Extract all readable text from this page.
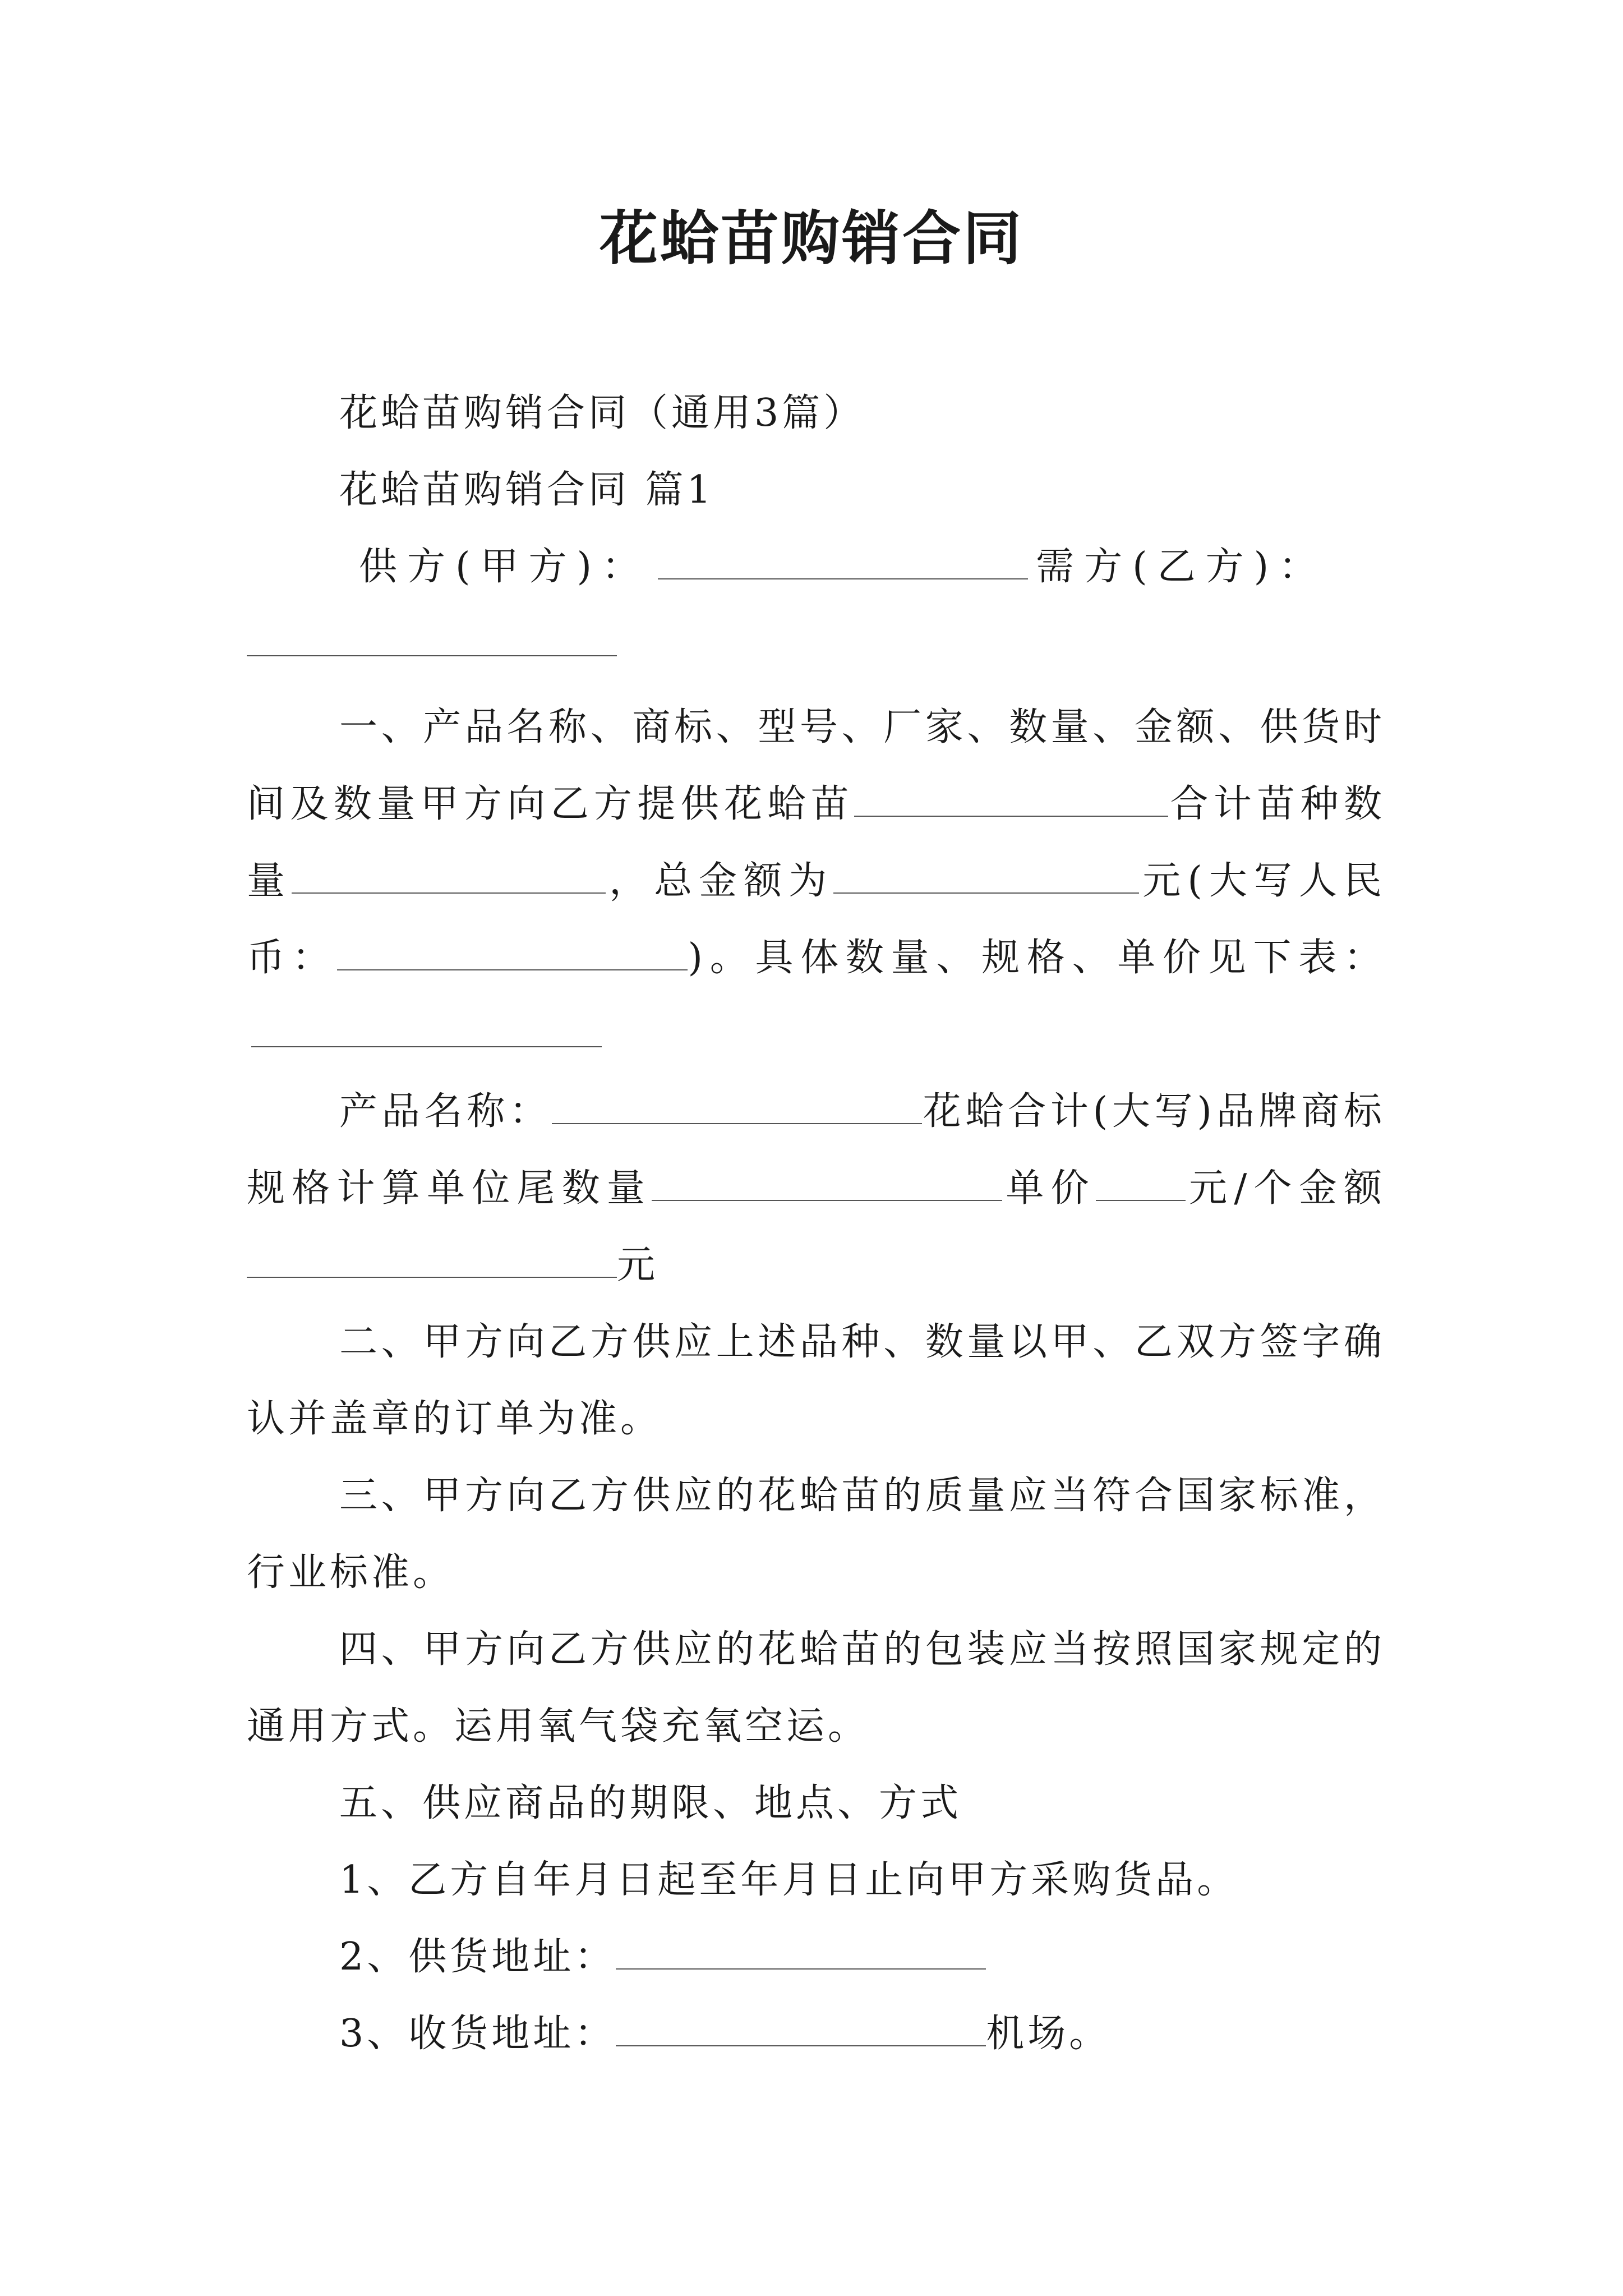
花蛤苗购销合同

花蛤苗购销合同（通用3篇）

花蛤苗购销合同 篇1

供方(甲方)：	需方(乙方)：

一、产品名称、商标、型号、厂家、数量、金额、供货时间及数量甲方向乙方提供花蛤苗	合计苗种数量	，总金额为	元(大写人民币：	)。具体数量、规格、单价见下表：

产品名称：	花蛤合计(大写)品牌商标规格计算单位尾数量	单价 元/个金额元

二、甲方向乙方供应上述品种、数量以甲、乙双方签字确认并盖章的订单为准。

三、甲方向乙方供应的花蛤苗的质量应当符合国家标准，行业标准。

四、甲方向乙方供应的花蛤苗的包装应当按照国家规定的通用方式。运用氧气袋充氧空运。

五、供应商品的期限、地点、方式

1、乙方自年月日起至年月日止向甲方采购货品。

2、供货地址：

3、收货地址：	机场。
